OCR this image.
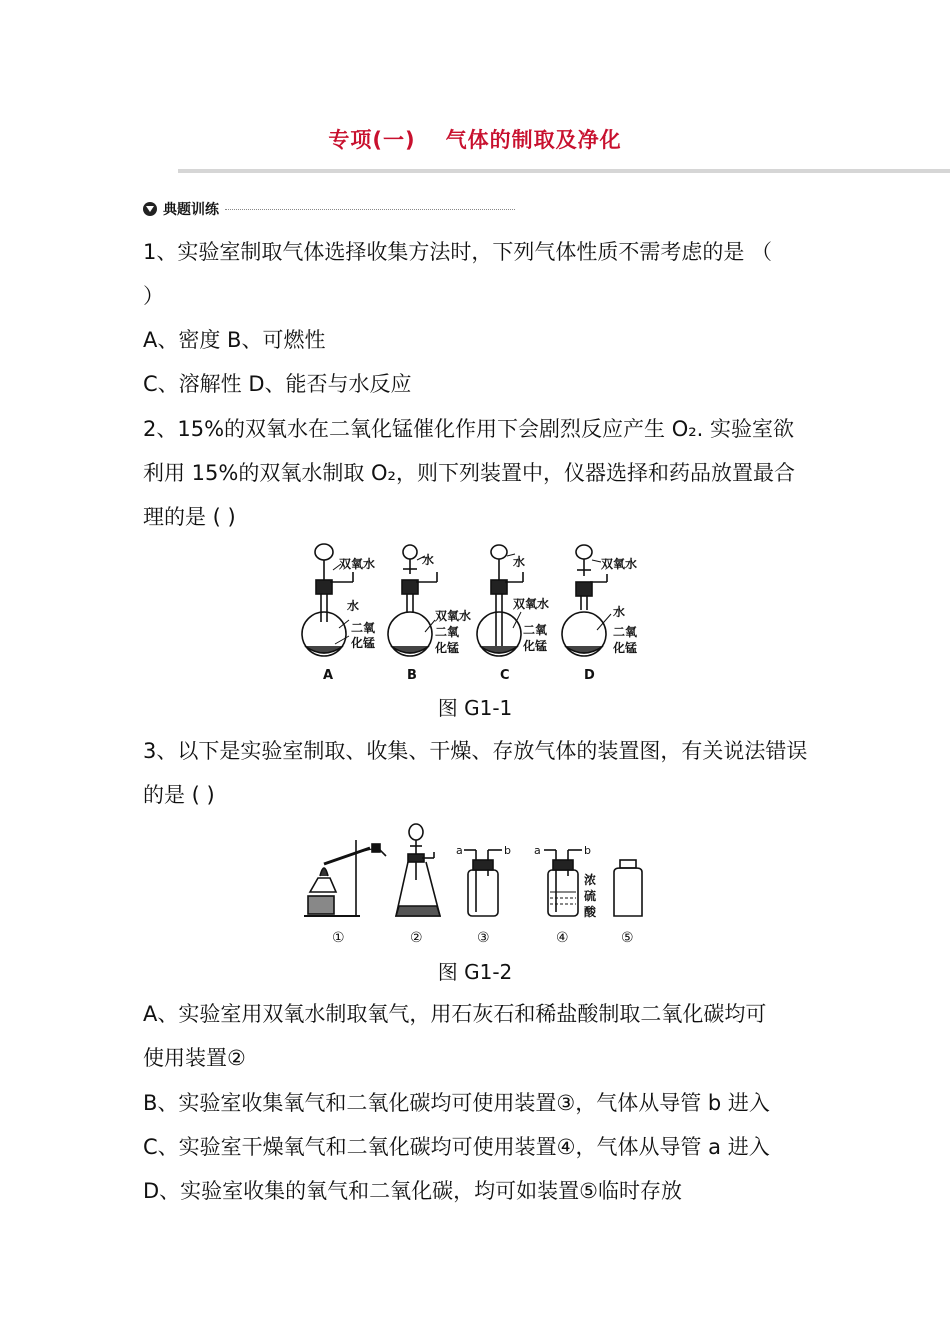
专项(一) 气体的制取及净化
典题训练
1、实验室制取气体选择收集方法时，下列气体性质不需考虑的是 （
）
A、密度 B、可燃性
C、溶解性 D、能否与水反应
2、15%的双氧水在二氧化锰催化作用下会剧烈反应产生 O₂. 实验室欲
利用 15%的双氧水制取 O₂，则下列装置中，仪器选择和药品放置最合
理的是 ( )
双氧水
水
二氧
化锰
水
双氧水
二氧
化锰
水
双氧水
二氧
化锰
双氧水
水
二氧
化锰
A	B	C	D
图 G1-1
3、以下是实验室制取、收集、干燥、存放气体的装置图，有关说法错误
的是 ( )
a	b a	b
浓
硫
酸
①	②	③	④	⑤
图 G1-2
A、实验室用双氧水制取氧气，用石灰石和稀盐酸制取二氧化碳均可
使用装置②
B、实验室收集氧气和二氧化碳均可使用装置③，气体从导管 b 进入
C、实验室干燥氧气和二氧化碳均可使用装置④，气体从导管 a 进入
D、实验室收集的氧气和二氧化碳，均可如装置⑤临时存放
